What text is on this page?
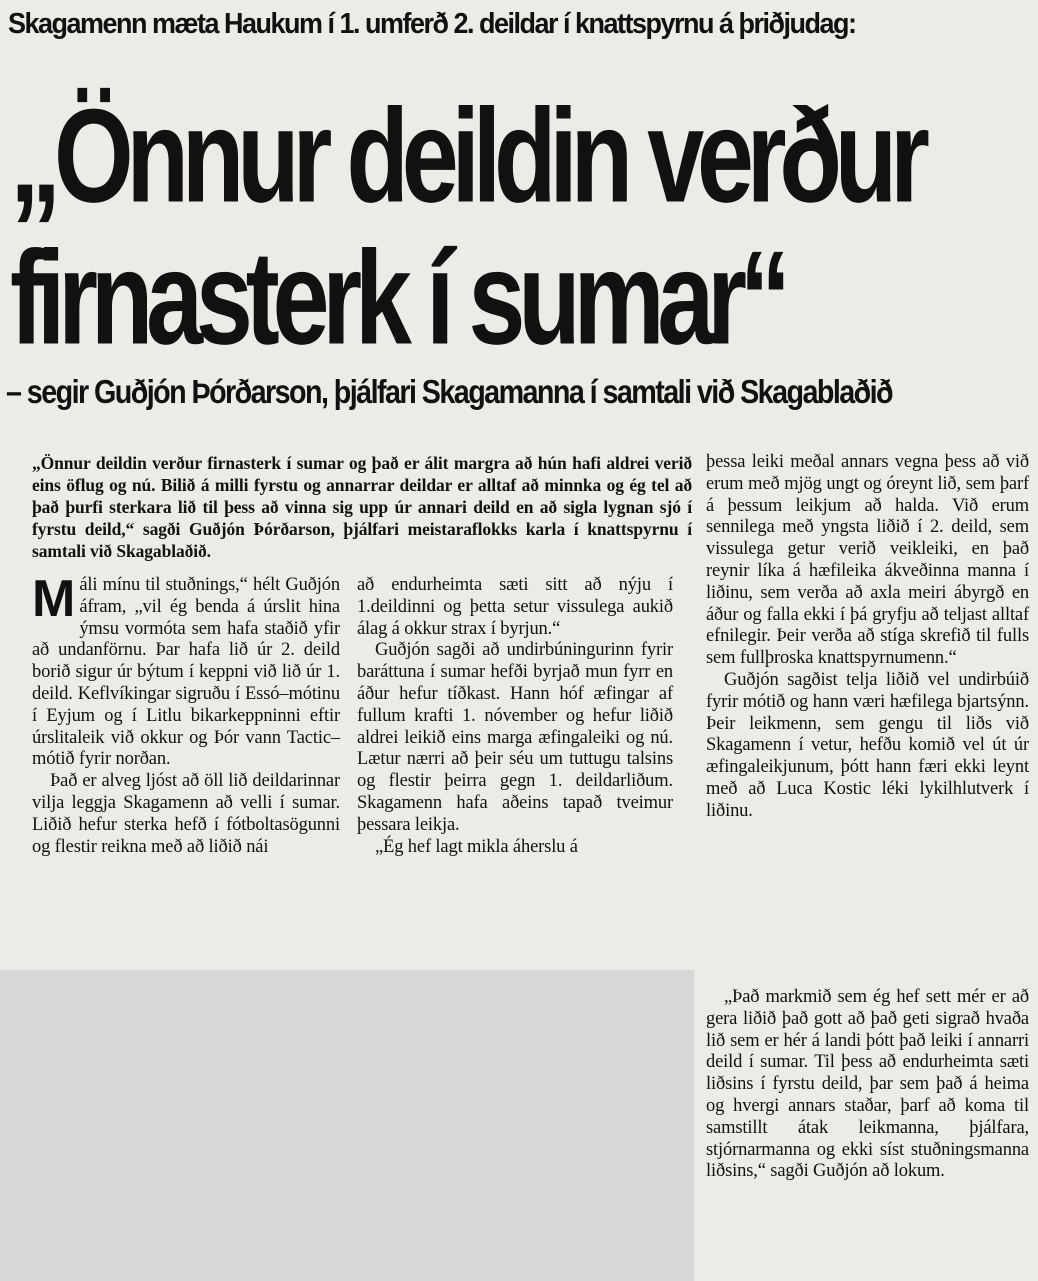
Skagamenn mæta Haukum í 1. umferð 2. deildar í knattspyrnu á þriðjudag:
„Önnur deildin verður
firnasterk í sumar“
– segir Guðjón Þórðarson, þjálfari Skagamanna í samtali við Skagablaðið
„Önnur deildin verður firnasterk í sumar og það er álit margra að hún hafi aldrei verið eins öflug og nú. Bilið á milli fyrstu og annarrar deildar er alltaf að minnka og ég tel að það þurfi sterkara lið til þess að vinna sig upp úr annari deild en að sigla lygnan sjó í fyrstu deild,“ sagði Guðjón Þórðarson, þjálfari meistaraflokks karla í knattspyrnu í samtali við Skagablaðið.

Máli mínu til stuðnings,“ hélt Guðjón áfram, „vil ég benda á úrslit hina ýmsu vormóta sem hafa staðið yfir að undanförnu. Þar hafa lið úr 2. deild borið sigur úr býtum í keppni við lið úr 1. deild. Keflvíkingar sigruðu í Essó–mótinu í Eyjum og í Litlu bikarkeppninni eftir úrslitaleik við okkur og Þór vann Tactic–mótið fyrir norðan.

Það er alveg ljóst að öll lið deildarinnar vilja leggja Skagamenn að velli í sumar. Liðið hefur sterka hefð í fótboltasögunni og flestir reikna með að liðið nái

að endurheimta sæti sitt að nýju í 1.deildinni og þetta setur vissulega aukið álag á okkur strax í byrjun.“

Guðjón sagði að undirbúningurinn fyrir baráttuna í sumar hefði byrjað mun fyrr en áður hefur tíðkast. Hann hóf æfingar af fullum krafti 1. nóvember og hefur liðið aldrei leikið eins marga æfingaleiki og nú. Lætur nærri að þeir séu um tuttugu talsins og flestir þeirra gegn 1. deildarliðum. Skagamenn hafa aðeins tapað tveimur þessara leikja.

„Ég hef lagt mikla áherslu á

þessa leiki meðal annars vegna þess að við erum með mjög ungt og óreynt lið, sem þarf á þessum leikjum að halda. Við erum sennilega með yngsta liðið í 2. deild, sem vissulega getur verið veikleiki, en það reynir líka á hæfileika ákveðinna manna í liðinu, sem verða að axla meiri ábyrgð en áður og falla ekki í þá gryfju að teljast alltaf efnilegir. Þeir verða að stíga skrefið til fulls sem fullþroska knattspyrnumenn.“

Guðjón sagðist telja liðið vel undirbúið fyrir mótið og hann væri hæfilega bjartsýnn. Þeir leikmenn, sem gengu til liðs við Skagamenn í vetur, hefðu komið vel út úr æfingaleikjunum, þótt hann færi ekki leynt með að Luca Kostic léki lykilhlutverk í liðinu.

„Það markmið sem ég hef sett mér er að gera liðið það gott að það geti sigrað hvaða lið sem er hér á landi þótt það leiki í annarri deild í sumar. Til þess að endurheimta sæti liðsins í fyrstu deild, þar sem það á heima og hvergi annars staðar, þarf að koma til samstillt átak leikmanna, þjálfara, stjórnarmanna og ekki síst stuðningsmanna liðsins,“ sagði Guðjón að lokum.
